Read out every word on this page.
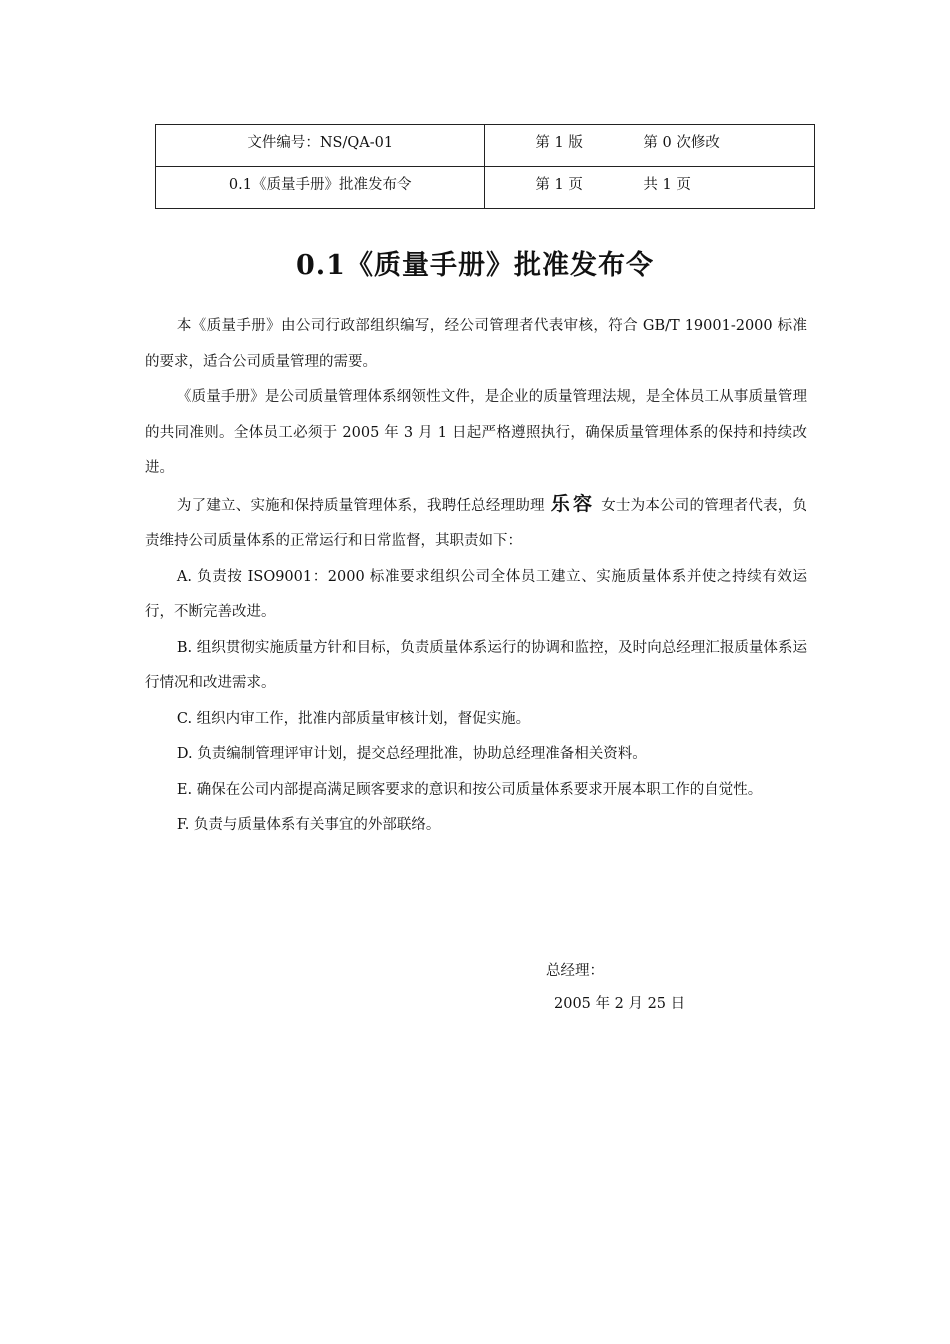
文件编号：NS/QA-01	第 1 版 第 0 次修改

0.1《质量手册》批准发布令	第 1 页 共 1 页
0.1《质量手册》批准发布令

本《质量手册》由公司行政部组织编写，经公司管理者代表审核，符合 GB/T 19001-2000 标准的要求，适合公司质量管理的需要。

《质量手册》是公司质量管理体系纲领性文件，是企业的质量管理法规，是全体员工从事质量管理的共同准则。全体员工必须于 2005 年 3 月 1 日起严格遵照执行，确保质量管理体系的保持和持续改进。

为了建立、实施和保持质量管理体系，我聘任总经理助理 乐容 女士为本公司的管理者代表，负责维持公司质量体系的正常运行和日常监督，其职责如下：

A. 负责按 ISO9001：2000 标准要求组织公司全体员工建立、实施质量体系并使之持续有效运行，不断完善改进。

B. 组织贯彻实施质量方针和目标，负责质量体系运行的协调和监控，及时向总经理汇报质量体系运行情况和改进需求。

C. 组织内审工作，批准内部质量审核计划，督促实施。

D. 负责编制管理评审计划，提交总经理批准，协助总经理准备相关资料。

E. 确保在公司内部提高满足顾客要求的意识和按公司质量体系要求开展本职工作的自觉性。

F. 负责与质量体系有关事宜的外部联络。

总经理：
2005 年 2 月 25 日
